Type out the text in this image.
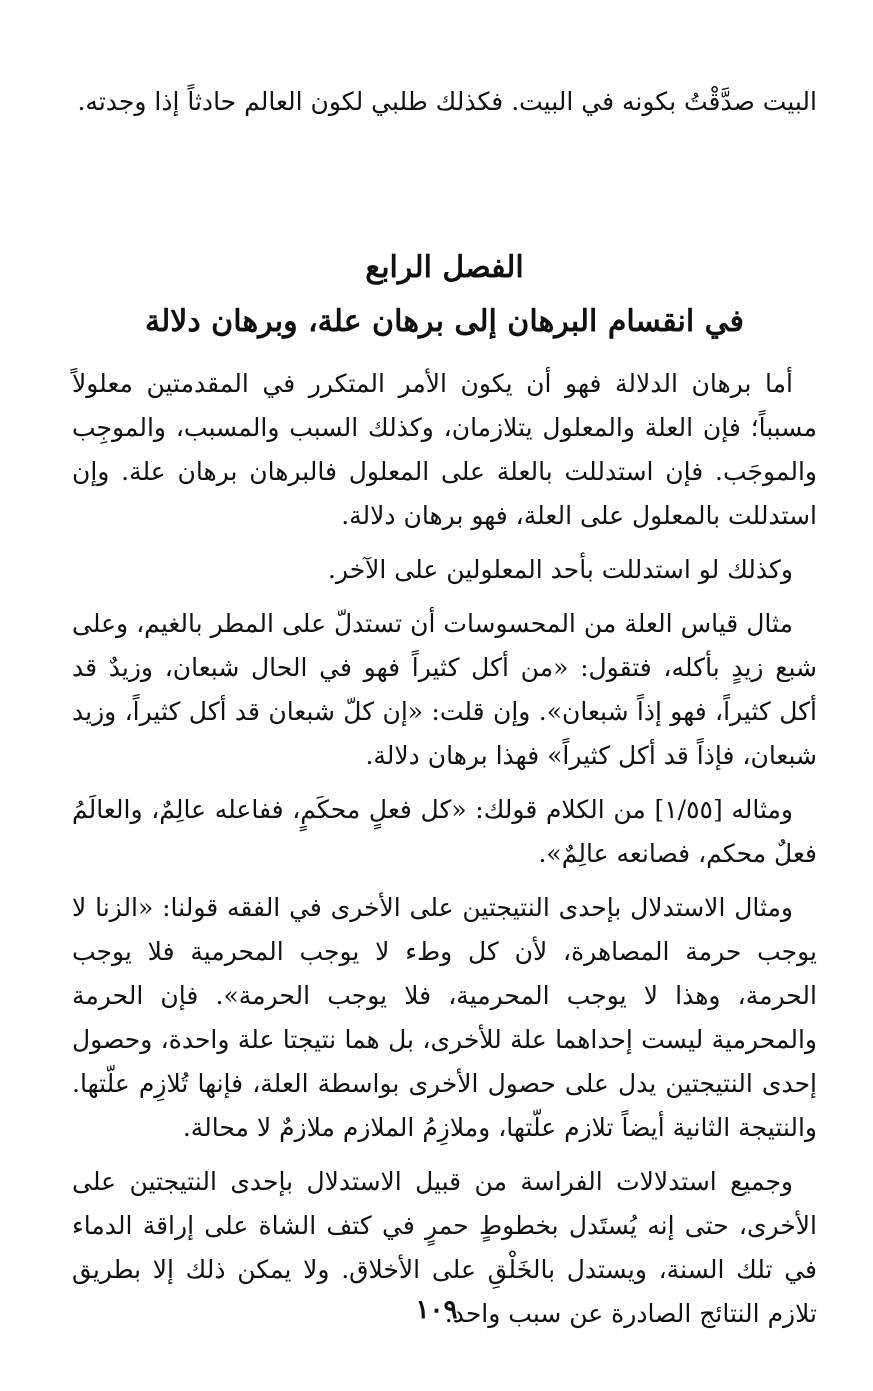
البيت صدَّقْتُ بكونه في البيت. فكذلك طلبي لكون العالم حادثاً إذا وجدته.

الفصل الرابع
في انقسام البرهان إلى برهان علة، وبرهان دلالة

أما برهان الدلالة فهو أن يكون الأمر المتكرر في المقدمتين معلولاً مسبباً؛ فإن العلة والمعلول يتلازمان، وكذلك السبب والمسبب، والموجِب والموجَب. فإن استدللت بالعلة على المعلول فالبرهان برهان علة. وإن استدللت بالمعلول على العلة، فهو برهان دلالة.

وكذلك لو استدللت بأحد المعلولين على الآخر.

مثال قياس العلة من المحسوسات أن تستدلّ على المطر بالغيم، وعلى شبع زيدٍ بأكله، فتقول: «من أكل كثيراً فهو في الحال شبعان، وزيدٌ قد أكل كثيراً، فهو إذاً شبعان». وإن قلت: «إن كلّ شبعان قد أكل كثيراً، وزيد شبعان، فإذاً قد أكل كثيراً» فهذا برهان دلالة.

ومثاله [١/٥٥] من الكلام قولك: «كل فعلٍ محكَمٍ، ففاعله عالِمٌ، والعالَمُ فعلٌ محكم، فصانعه عالِمٌ».

ومثال الاستدلال بإحدى النتيجتين على الأخرى في الفقه قولنا: «الزنا لا يوجب حرمة المصاهرة، لأن كل وطء لا يوجب المحرمية فلا يوجب الحرمة، وهذا لا يوجب المحرمية، فلا يوجب الحرمة». فإن الحرمة والمحرمية ليست إحداهما علة للأخرى، بل هما نتيجتا علة واحدة، وحصول إحدى النتيجتين يدل على حصول الأخرى بواسطة العلة، فإنها تُلازِم علّتها. والنتيجة الثانية أيضاً تلازم علّتها، وملازِمُ الملازم ملازمٌ لا محالة.

وجميع استدلالات الفراسة من قبيل الاستدلال بإحدى النتيجتين على الأخرى، حتى إنه يُستَدل بخطوطٍ حمرٍ في كتف الشاة على إراقة الدماء في تلك السنة، ويستدل بالخَلْقِ على الأخلاق. ولا يمكن ذلك إلا بطريق تلازم النتائج الصادرة عن سبب واحد.

١٠٩
